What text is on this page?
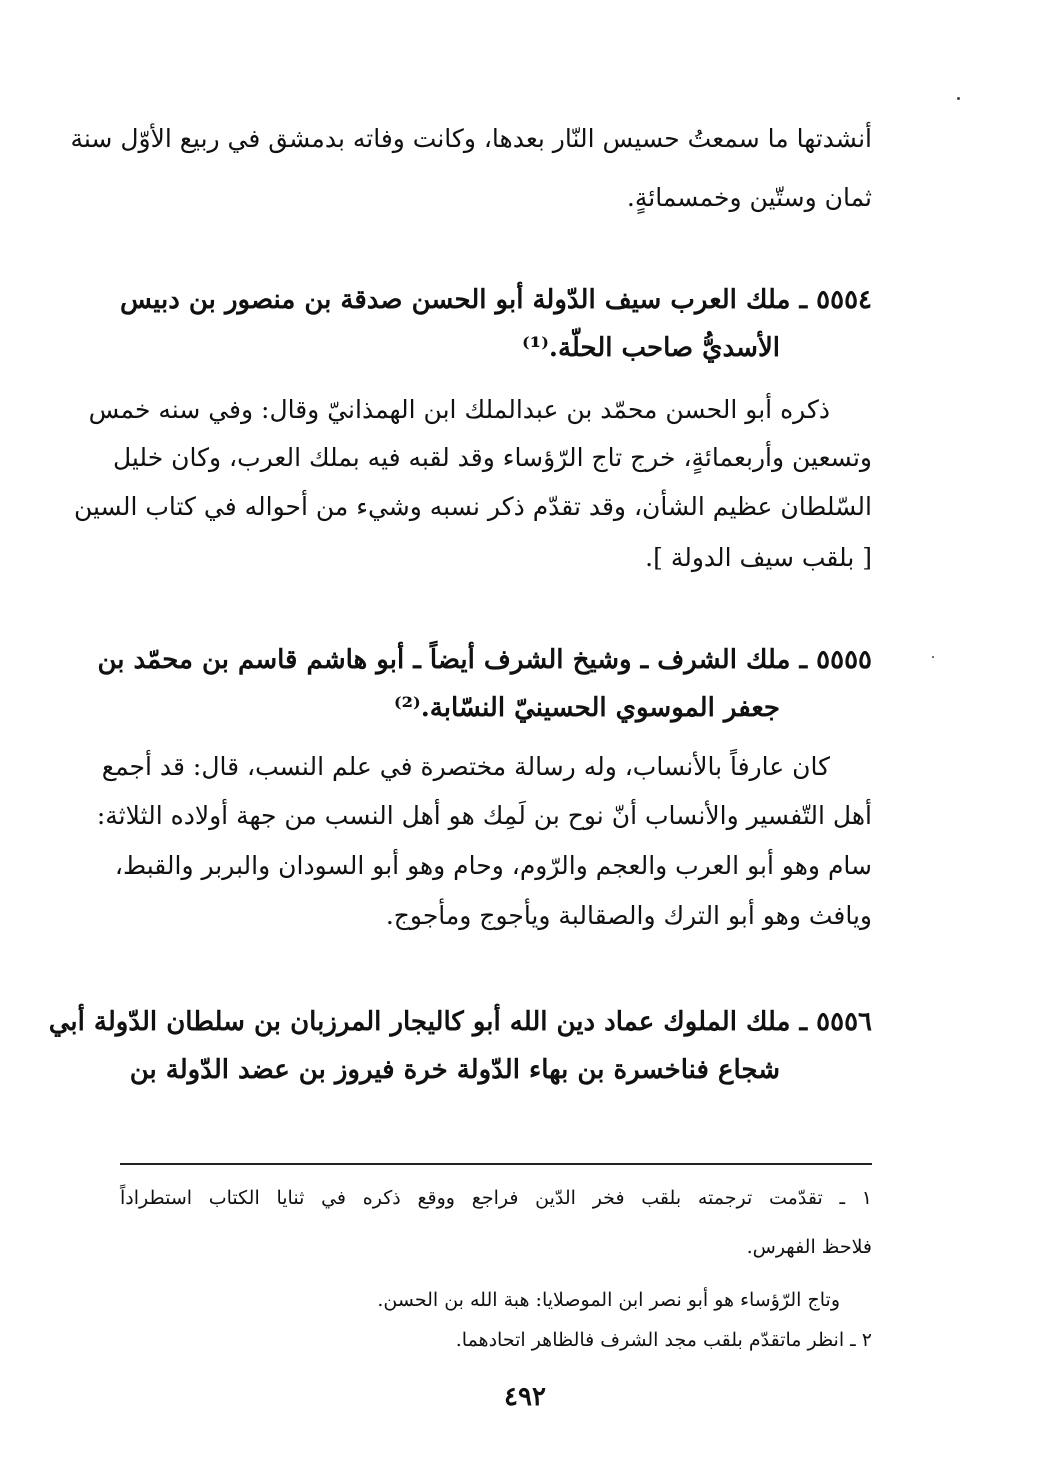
أنشدتها ما سمعتُ حسيس النّار بعدها، وكانت وفاته بدمشق في ربيع الأوّل سنة
ثمان وستّين وخمسمائةٍ.
٥٥٥٤ ـ ملك العرب سيف الدّولة أبو الحسن صدقة بن منصور بن دبيس
الأسديُّ صاحب الحلّة.⁽¹⁾
ذكره أبو الحسن محمّد بن عبدالملك ابن الهمذانيّ وقال: وفي سنه خمس
وتسعين وأربعمائةٍ، خرج تاج الرّؤساء وقد لقبه فيه بملك العرب، وكان خليل
السّلطان عظيم الشأن، وقد تقدّم ذكر نسبه وشيء من أحواله في كتاب السين
[ بلقب سيف الدولة ].
٥٥٥٥ ـ ملك الشرف ـ وشيخ الشرف أيضاً ـ أبو هاشم قاسم بن محمّد بن
جعفر الموسوي الحسينيّ النسّابة.⁽²⁾
كان عارفاً بالأنساب، وله رسالة مختصرة في علم النسب، قال: قد أجمع
أهل التّفسير والأنساب أنّ نوح بن لَمِك هو أهل النسب من جهة أولاده الثلاثة:
سام وهو أبو العرب والعجم والرّوم، وحام وهو أبو السودان والبربر والقبط،
ويافث وهو أبو الترك والصقالبة ويأجوج ومأجوج.
٥٥٥٦ ـ ملك الملوك عماد دين الله أبو كاليجار المرزبان بن سلطان الدّولة أبي
شجاع فناخسرة بن بهاء الدّولة خرة فيروز بن عضد الدّولة بن
١ ـ تقدّمت ترجمته بلقب فخر الدّين فراجع ووقع ذكره في ثنايا الكتاب استطراداً
فلاحظ الفهرس.
وتاج الرّؤساء هو أبو نصر ابن الموصلايا: هبة الله بن الحسن.
٢ ـ انظر ماتقدّم بلقب مجد الشرف فالظاهر اتحادهما.
٤٩٢
